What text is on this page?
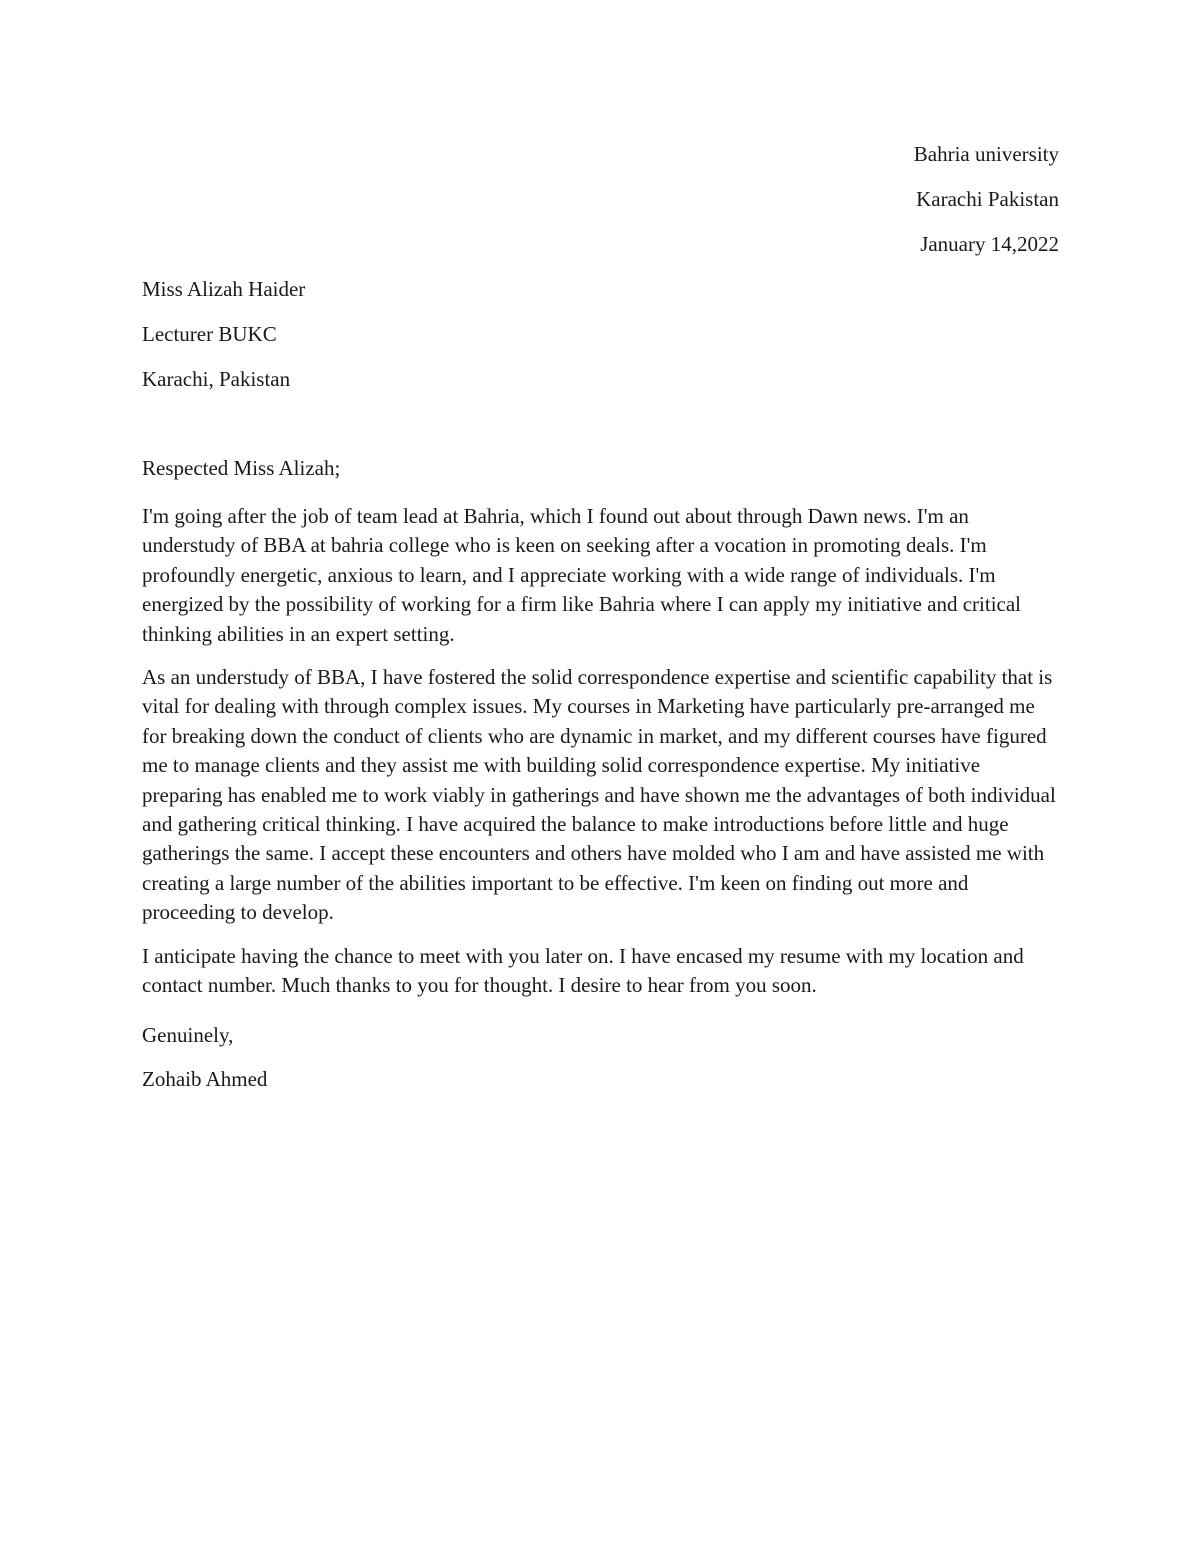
Bahria university
Karachi Pakistan
January 14,2022
Miss Alizah Haider
Lecturer BUKC
Karachi, Pakistan

Respected Miss Alizah;

I'm going after the job of team lead at Bahria, which I found out about through Dawn news. I'm an understudy of BBA at bahria college who is keen on seeking after a vocation in promoting deals. I'm profoundly energetic, anxious to learn, and I appreciate working with a wide range of individuals. I'm energized by the possibility of working for a firm like Bahria where I can apply my initiative and critical thinking abilities in an expert setting.

As an understudy of BBA, I have fostered the solid correspondence expertise and scientific capability that is vital for dealing with through complex issues. My courses in Marketing have particularly pre-arranged me for breaking down the conduct of clients who are dynamic in market, and my different courses have figured me to manage clients and they assist me with building solid correspondence expertise. My initiative preparing has enabled me to work viably in gatherings and have shown me the advantages of both individual and gathering critical thinking. I have acquired the balance to make introductions before little and huge gatherings the same. I accept these encounters and others have molded who I am and have assisted me with creating a large number of the abilities important to be effective. I'm keen on finding out more and proceeding to develop.

I anticipate having the chance to meet with you later on. I have encased my resume with my location and contact number. Much thanks to you for thought. I desire to hear from you soon.

Genuinely,

Zohaib Ahmed
